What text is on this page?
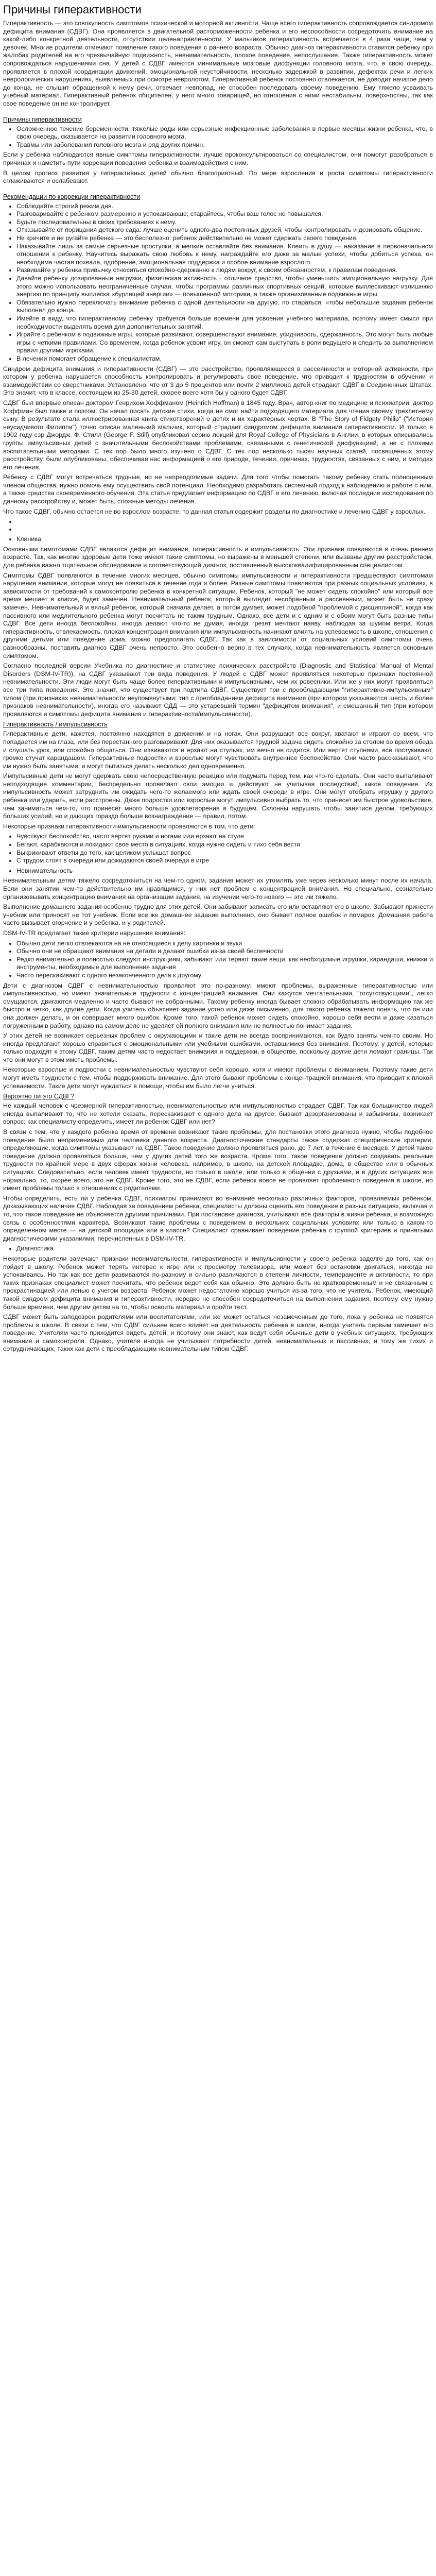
Причины гиперактивности
Гиперактивность — это совокупность симптомов психической и моторной активности. Чаще всего гиперактивность сопровождается синдромом дефицита внимания (СДВГ). Она проявляется в двигательной расторможенности ребенка и его неспособности сосредоточить внимание на какой-либо конкретной деятельности, отсутствии целенаправленности. У мальчиков гиперактивность встречается в 4 раза чаще, чем у девочек. Многие родители отмечают появление такого поведения с раннего возраста. Обычно диагноз гиперактивности ставится ребенку при жалобах родителей на его чрезвычайную подвижность, невнимательность, плохое поведение, непослушание. Также гиперактивность может сопровождаться нарушениями сна. У детей с СДВГ имеются минимальные мозговые дисфункции головного мозга, что, в свою очередь, проявляется в плохой координации движений, эмоциональной неустойчивости, несколько задержкой в развитии, дефектах речи и легких неврологических нарушениях, выявляемых при осмотре неврологом. Гиперактивный ребенок постоянно отвлекается, не доводит начатое дело до конца, не слышит обращенной к нему речи, отвечает невпопад, не способен последовать своему поведению. Ему тяжело усваивать учебный материал. Гиперактивный ребенок общителен, у него много товарищей, но отношения с ними нестабильны, поверхностны, так как свое поведение он не контролирует.
Причины гиперактивности
• Осложненное течение беременности, тяжелые роды или серьезные инфекционные заболевания в первые месяцы жизни ребенка, что, в свою очередь, сказывается на развитии головного мозга.
• Травмы или заболевания головного мозга и ряд других причин.
Если у ребенка наблюдаются явные симптомы гиперактивности, лучше проконсультироваться со специалистом, они помогут разобраться в причинах и наметить пути коррекции поведения ребенка и взаимодействия с ним.
В целом прогноз развития у гиперактивных детей обычно благоприятный. По мере взросления и роста симптомы гиперактивности сглаживаются и ослабевают.
Рекомендации по коррекции гиперактивности
• Соблюдайте строгий режим дня.
• Разговаривайте с ребенком размеренно и успокаивающе; старайтесь, чтобы ваш голос не повышался.
• Будьте последовательны в своих требованиях к нему.
• Отказывайте от порицания детского сада: лучше оценить одного-два постоянных друзей, чтобы контролировать и дозировать общение.
• Не кричите и не ругайте ребенка — это бесполезно: ребенок действительно не может сдержать своего поведения.
• Наказывайте лишь за самые серьезные проступки, а мелкие оставляйте без внимания. Клеить в душу — наказание в первоначальном отношении к ребенку. Научитесь выражать свою любовь к нему, награждайте его даже за малые успехи, чтобы добиться успеха, он необходима частая похвала, одобрение, эмоциональная поддержка и особое внимание взрослого.
• Развивайте у ребенка привычку относиться спокойно-сдержанно к людям вокруг, к своим обязанностям, к правилам поведения.
• Давайте ребенку дозированные нагрузки, физическая активность - отличное средство, чтобы уменьшить эмоциональную нагрузку. Для этого можно использовать неограниченные случаи, чтобы программы различных спортивных секций, которые выплескивают излишнюю энергию по принципу выплеска «бурлящей энергии» — повышенной моторики, а также организованные подвижные игры.
• Обязательно нужно переключать внимание ребенка с одной деятельности на другую, по стараться, чтобы небольшие задания ребенок выполнял до конца.
• Имейте в виду, что гиперактивному ребенку требуется больше времени для усвоения учебного материала, поэтому имеет смысл при необходимости выделять время для дополнительных занятий.
• Играйте с ребенком в подвижные игры, которые развивают, совершенствуют внимание, усидчивость, сдержанность. Это могут быть любые игры с четкими правилами. Со временем, когда ребенок усвоит игру, он сможет сам выступать в роли ведущего и следить за выполнением правил другими игроками.
• В лечении помогает обращение к специалистам.
Синдром дефицита внимания и гиперактивности (СДВГ) — это расстройство, проявляющееся в рассеянности и моторной активности, при котором у ребенка нарушается способность контролировать и регулировать свое поведение, что приводит к трудностям в обучении и взаимодействии со сверстниками. Установлено, что от 3 до 5 процентов или почти 2 миллиона детей страдают СДВГ в Соединенных Штатах. Это значит, что в классе, состоящем из 25-30 детей, скорее всего хотя бы у одного будет СДВГ.
СДВГ был впервые описан доктором Генрихом Хоффманом (Heinrich Hoffman) в 1845 году. Врач, автор книг по медицине и психиатрии, доктор Хоффман был также и поэтом. Он начал писать детские стихи, когда не смог найти подходящего материала для чтения своему трехлетнему сыну. В результате стала иллюстрированная книга стихотворений о детях и их характерных чертах. В "The Story of Fidgety Philip" ("История неусидчивого Филиппа") точно описан маленький мальчик, который страдает синдромом дефицита внимания гиперактивности. И только в 1902 году сэр Джордж. Ф. Стилл (George F. Still) опубликовал серию лекций для Royal College of Physicians в Англии, в которых описывались группы импульсивных детей с значительными беспокойствами проблемами, связанными с генетической дисфункцией, а не с плохими воспитательными методами. С тех пор было много изучено о СДВГ. С тех пор несколько тысяч научных статей, посвященных этому расстройству, были опубликованы, обеспечивая нас информацией о его природе, течении, причинах, трудностях, связанных с ним, и методах его лечения.
Ребенку с СДВГ могут встречаться трудные, но не непреодолимые задачи. Для того чтобы помогать такому ребенку стать полноценным членом общества, нужно помочь ему осуществить свой потенциал. Необходимо разработать системный подход к наблюдению и работе с ним, а также средства своевременного обучения. Эта статья предлагает информацию по СДВГ и его лечению, включая последние исследования по данному расстройству и, может быть, сложные методы лечения.
Что такое СДВГ, обычно остается не во взрослом возрасте, то данная статья содержит разделы по диагностике и лечению СДВГ у взрослых.
•
•
• Клиника
Основными симптомами СДВГ являются дефицит внимания, гиперактивность и импульсивность. Эти признаки появляются в очень раннем возрасте. Так, как многие здоровые дети тоже имеют такие симптомы, но выражены в меньшей степени, или вызваны другим расстройством, для ребенка важно тщательное обследование и соответствующий диагноз, поставленный высококвалифицированным специалистом.
Симптомы СДВГ появляются в течение многих месяцев, обычно симптомы импульсивности и гиперактивности предшествуют симптомам нарушения внимания, которые могут не появиться в течение года и более. Разные симптомы появляются при разных социальных условиях, в зависимости от требований к самоконтролю ребенка в конкретной ситуации. Ребенок, который "не может сидеть спокойно" или который все время мешает в классе, будет замечен. Невнимательный ребенок, который выглядит несобранным и рассеянным, может быть не сразу замечен. Невнимательный и вялый ребенок, который сначала делает, а потом думает, может подобной "проблемой с дисциплиной", когда как пассивного или медлительного ребенка могут посчитать не таким трудным. Однако, все дети и с одним и с обоим могут быть разные типы СДВГ. Все дети иногда беспокойны, иногда делают что-то не думая, иногда грезят мечтают наяву, наблюдая за шумом ветра. Когда гиперактивность, отвлекаемость, плохая концентрация внимания или импульсивность начинают влиять на успеваемость в школе, отношения с другими детьми или поведение дома, можно предполагать СДВГ. Так как в зависимости от социальных условий симптомы очень разнообразны, поставить диагноз СДВГ очень непросто. Это особенно верно в тех случаях, когда невнимательность является основным симптомом.
Согласно последней версии Учебника по диагностике и статистике психических расстройств (Diagnostic and Statistical Manual of Mental Disorders (DSM-IV-TR)), на СДВГ указывают три вида поведения. У людей с СДВГ может проявляться некоторые признаки постоянной невнимательности. Эти люди могут быть чаще более гиперактивными и импульсивными, чем их ровесники. Или же у них могут проявляться все три типа поведения. Это значит, что существует три подтипа СДВГ. Существует три с преобладающим "гиперактивно-импульсивным" типом (при признаках невнимательности неупомянутыми; тип с преобладанием дефицита внимания (при котором указываются шесть и более признаков невнимательности), иногда его называют СДД — это устаревший термин "дефицитом внимания", и смешанный тип (при котором проявляются и симптомы дефицита внимания и гиперактивности/импульсивности).
Гиперактивность / импульсивность
Гиперактивные дети, кажется, постоянно находятся в движении и на ногах. Они разрушают все вокруг, хватают и играют со всем, что попадается им на глаза, или без перестанного разговаривают. Для них оказывается трудной задача сидеть спокойно за столом во время обеда и слушать урок, или спокойно общаться. Они извиваются и ерзают на стульях, им вечно не сидится. Или вертят ступнями, все постукивают, громко стучат карандашом. Гиперактивные подростки и взрослые могут чувствовать внутреннее беспокойство. Они часто рассказывают, что им нужно быть занятыми, и могут пытаться делать несколько дел одновременно.
Импульсивные дети не могут сдержать свою непосредственную реакцию или подумать перед тем, как что-то сделать. Они часто выпаливают неподходящие комментарии, беспредельно проявляют свои эмоции и действуют не учитывая последствий, какое поведение. Их импульсивность может затруднить им ожидать чего-то желаемого или ждать своей очереди в игре. Они могут отобрать игрушку у другого ребенка или ударить, если расстроены. Даже подростки или взрослые могут импульсивно выбрать то, что принесет им быстрое удовольствие, чем заниматься чем-то, что принесет много больше удовлетворения в будущем. Склонны нарушать чтобы занятися делом, требующих больших усилий, но и дающих гораздо больше вознаграждение — правил, потом.
Некоторые признаки гиперактивности-импульсивности проявляются в том, что дети:
• Чувствуют беспокойство, часто вертят руками и ногами или ерзают на стуле
• Бегают, карабкаются и покидают свое место в ситуациях, когда нужно сидеть и тихо себя вести
• Выкрикивают ответы до того, как целиком услышат вопрос
• С трудом стоят в очереди или дожидаются своей очереди в игре
• Невнимательность
Невнимательным детям тяжело сосредоточиться на чем-то одном, задания может их утомлять уже через несколько минут после их начала. Если они занятии чем-то действительно им нравящимся, у них нет проблем с концентрацией внимания. Но специально, сознательно организовывать концентрацию внимания на организации задания, на изучении чего-то нового — это им тяжело.
Выполнение домашнего задания особенно трудно для этих детей. Они забывают записать его или оставляют его в школе. Забывают принести учебник или приносят не тот учебник. Если все же домашнее задание выполнено, оно бывает полное ошибок и помарок. Домашняя работа часто вызывает огорчение и у ребенка, и у родителей.
DSM-IV-TR предлагает такие критерии нарушения внимания:
• Обычно дети легко отвлекаются на не относящиеся к делу картинки и звуки
• Обычно они не обращают внимания на детали и делают ошибки из-за своей беспечности
• Редко внимательно и полностью следуют инструкциям, забывают или теряют такие вещи, как необходимые игрушки, карандаши, книжки и инструменты, необходимые для выполнения задания
• Часто перескакивают с одного незаконченного дела к другому
Дети с диагнозом СДВГ с невнимательностью проявляют это по-разному: имеют проблемы, выраженные гиперактивностью или импульсивностью, но имеют значительные трудности с концентрацией внимания. Они кажутся мечтательными, "отсутствующими", легко смущаются, двигаются медленно и часто бывают не собранными. Такому ребенку иногда бывает сложно обрабатывать информацию так же быстро и четко, как другие дети. Когда учитель объясняет задание устно или даже письменно, для такого ребенка тяжело понять, что он или она должен делать, и он совершает много ошибок. Кроме того, такой ребенок может сидеть спокойно, хорошо себя вести и даже казаться погруженным в работу, однако на самом деле не уделяет ей полного внимания или не полностью понимает задания.
У этих детей не возникает серьезных проблем с окружающими и такие дети не всегда воспринимаются, как будто заняты чем-то своим. Но иногда предлагают хорошо справиться с эмоциональными или учебными ошибками, оставшимися без внимания. Поэтому, у детей, которые только подходят к этому СДВГ, таким детям часто недостает внимания и поддержки, в обществе, поскольку другие дети ломают границы. Так что они могут в этом иметь проблемы.
Некоторые взрослые и подростки с невнимательностью чувствуют себя хорошо, хотя и имеют проблемы с вниманием. Поэтому такие дети могут иметь трудности с тем, чтобы поддерживать внимание. Для этого бывают проблемы с концентрацией внимания, что приводит к плохой успеваемости. Такие дети могут нуждаться в помощи, чтобы им было легче учиться.
Вероятно ли это СДВГ?
Не каждый человек с чрезмерной гиперактивностью, невнимательностью или импульсивностью страдает СДВГ. Так как большинство людей иногда выпаливают то, что не хотели сказать, перескакивают с одного дела на другое, бывают дезорганизованы и забывчивы, возникает вопрос: как специалисту определить, имеет ли ребенок СДВГ или нет?
В связи с тем, что у каждого ребенка время от времени возникают такие проблемы, для постановки этого диагноза нужно, чтобы подобное поведение было неприменимым для человека данного возраста. Диагностические стандарты также содержат специфические критерии, определяющие, когда симптомы указывают на СДВГ. Такое поведение должно проявляться рано, до 7 лет, в течение 6 месяцев. У детей такое поведение должно проявляться больше, чем у других детей того же возраста. Кроме того, такое поведение должно создавать реальные трудности по крайней мере в двух сферах жизни человека, например, в школе, на детской площадке, дома, в обществе или в обычных ситуациях. Следовательно, если человек имеет трудности, но только в школе, или только в общении с друзьями, и в других ситуациях все нормально, то, скорее всего, это не СДВГ. Кроме того, это не СДВГ, если ребенок вовсе не проявляет проблемного поведения в школе, но имеет проблемы только в отношениях с родителями.
Чтобы определить, есть ли у ребенка СДВГ, психиатры принимают во внимание несколько различных факторов, проявляемых ребенком, доказывающих наличие СДВГ. Наблюдая за поведением ребенка, специалисты должны оценить его поведение в разных ситуациях, включая и то, что такое поведение не объясняется другими причинами. При постановке диагноза, учитывают все факторы в жизни ребенка, и возможную связь с особенностями характера. Возникают такие проблемы с поведением в нескольких социальных условиях или только в каком-то определенном месте — на детской площадке или в классе? Специалист сравнивает поведение ребенка с группой критериев и принятыми диагностическими указаниями, перечисленных в DSM-IV-TR.
• Диагностика
Некоторые родители замечают признаки невнимательности, гиперактивности и импульсивности у своего ребенка задолго до того, как он пойдет в школу. Ребенок может терять интерес к игре или к просмотру телевизора, или может без остановки двигаться, никогда не успокаиваясь. Но так как все дети развиваются по-разному и сильно различаются в степени личности, темпераменте и активности, то при таких признаках специалист может посчитать, что ребенок ведет себя как обычно. Это должно быть не кратковременным и не связанным с прокрастинацией или ленью с учетом возраста. Ребенок может недостаточно хорошо учиться из-за того, что не учитель. Ребенок, имеющий такой синдром дефицита внимания и гиперактивности, нередко не способен сосредоточиться на выполнении задания, поэтому ему нужно больше времени, чем другим детям на то, чтобы освоить материал и пройти тест.
СДВГ может быть заподозрен родителями или воспитателями, или же может остаться незамеченным до того, пока у ребенка не появятся проблемы в школе. В связи с тем, что СДВГ сильнее всего влияет на деятельность ребенка в школе, иногда учитель первым замечает его поведение. Учителям часто приходится видеть детей, и поэтому они знают, как ведут себя обычные дети в учебных ситуациях, требующих внимания и самоконтроля. Однако, учителя иногда не учитывают потребности детей, невнимательных и пассивных, и тому же тихих и сотрудничающих, таких как дети с преобладающим невнимательным типом СДВГ.
